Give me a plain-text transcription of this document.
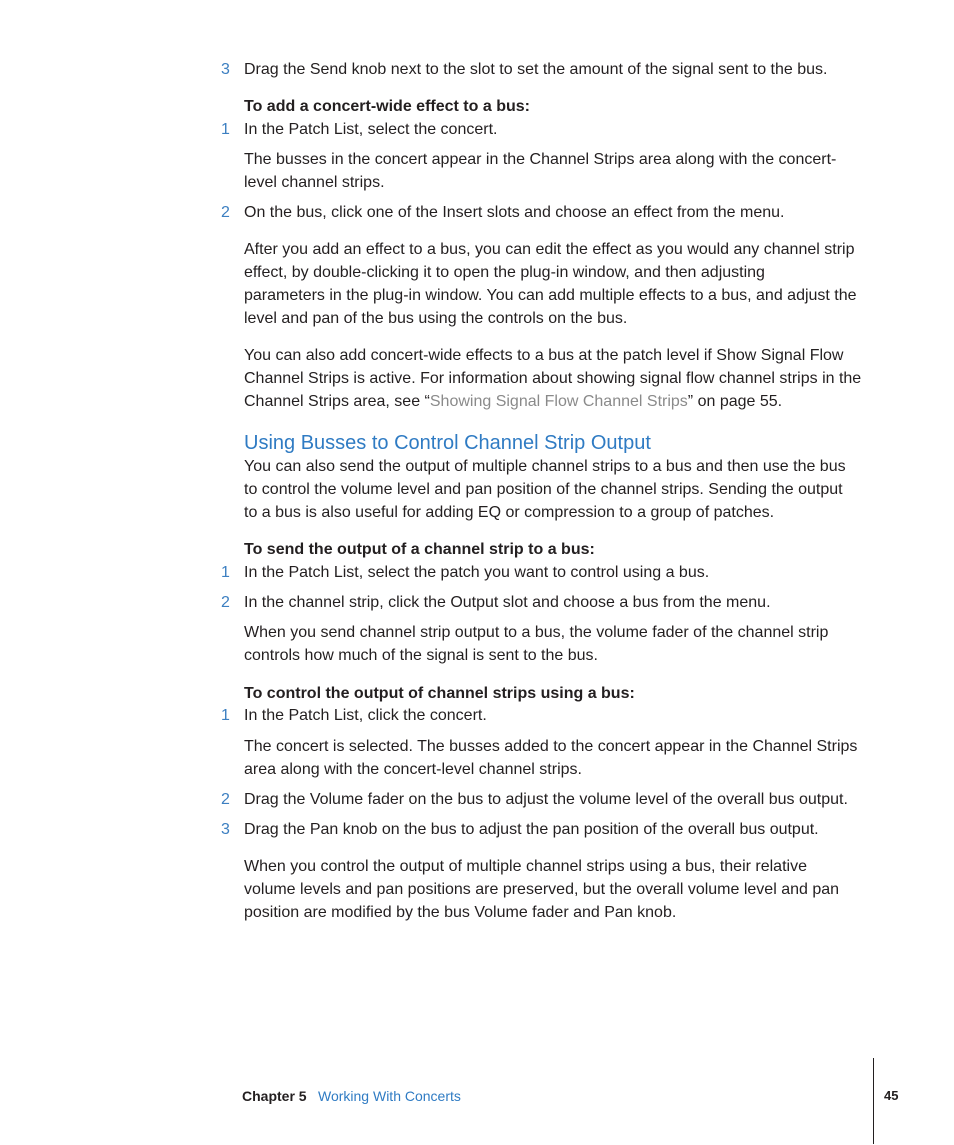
3 Drag the Send knob next to the slot to set the amount of the signal sent to the bus.

To add a concert-wide effect to a bus:

1 In the Patch List, select the concert.

The busses in the concert appear in the Channel Strips area along with the concert-
level channel strips.
2 On the bus, click one of the Insert slots and choose an effect from the menu.

After you add an effect to a bus, you can edit the effect as you would any channel strip
effect, by double-clicking it to open the plug-in window, and then adjusting
parameters in the plug-in window. You can add multiple effects to a bus, and adjust the
level and pan of the bus using the controls on the bus.
You can also add concert-wide effects to a bus at the patch level if Show Signal Flow
Channel Strips is active. For information about showing signal flow channel strips in the
Channel Strips area, see “Showing Signal Flow Channel Strips” on page 55.
Using Busses to Control Channel Strip Output
You can also send the output of multiple channel strips to a bus and then use the bus
to control the volume level and pan position of the channel strips. Sending the output
to a bus is also useful for adding EQ or compression to a group of patches.

To send the output of a channel strip to a bus:

1 In the Patch List, select the patch you want to control using a bus.

2 In the channel strip, click the Output slot and choose a bus from the menu.

When you send channel strip output to a bus, the volume fader of the channel strip
controls how much of the signal is sent to the bus.

To control the output of channel strips using a bus:

1 In the Patch List, click the concert.

The concert is selected. The busses added to the concert appear in the Channel Strips
area along with the concert-level channel strips.
2 Drag the Volume fader on the bus to adjust the volume level of the overall bus output.

3 Drag the Pan knob on the bus to adjust the pan position of the overall bus output.

When you control the output of multiple channel strips using a bus, their relative
volume levels and pan positions are preserved, but the overall volume level and pan
position are modified by the bus Volume fader and Pan knob.
Chapter 5 Working With Concerts	45
